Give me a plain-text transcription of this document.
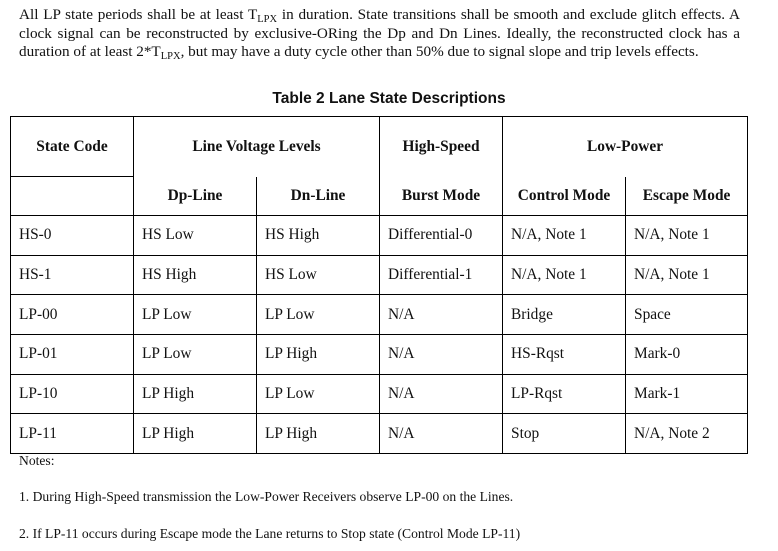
All LP state periods shall be at least $T_{LPX}$ in duration. State transitions shall be smooth and exclude glitch effects. A clock signal can be reconstructed by exclusive-ORing the Dp and Dn Lines. Ideally, the reconstructed clock has a duration of at least $2*T_{LPX}$, but may have a duty cycle other than 50% due to signal slope and trip levels effects.

Table 2 Lane State Descriptions
State Code	Line Voltage Levels		High-Speed	Low-Power	
	Dp-Line	Dn-Line	Burst Mode	Control Mode	Escape Mode
HS-0	HS Low	HS High	Differential-0	N/A, Note 1	N/A, Note 1
HS-1	HS High	HS Low	Differential-1	N/A, Note 1	N/A, Note 1
LP-00	LP Low	LP Low	N/A	Bridge	Space
LP-01	LP Low	LP High	N/A	HS-Rqst	Mark-0
LP-10	LP High	LP Low	N/A	LP-Rqst	Mark-1
LP-11	LP High	LP High	N/A	Stop	N/A, Note 2
Notes:
1. During High-Speed transmission the Low-Power Receivers observe LP-00 on the Lines.
2. If LP-11 occurs during Escape mode the Lane returns to Stop state (Control Mode LP-11)
